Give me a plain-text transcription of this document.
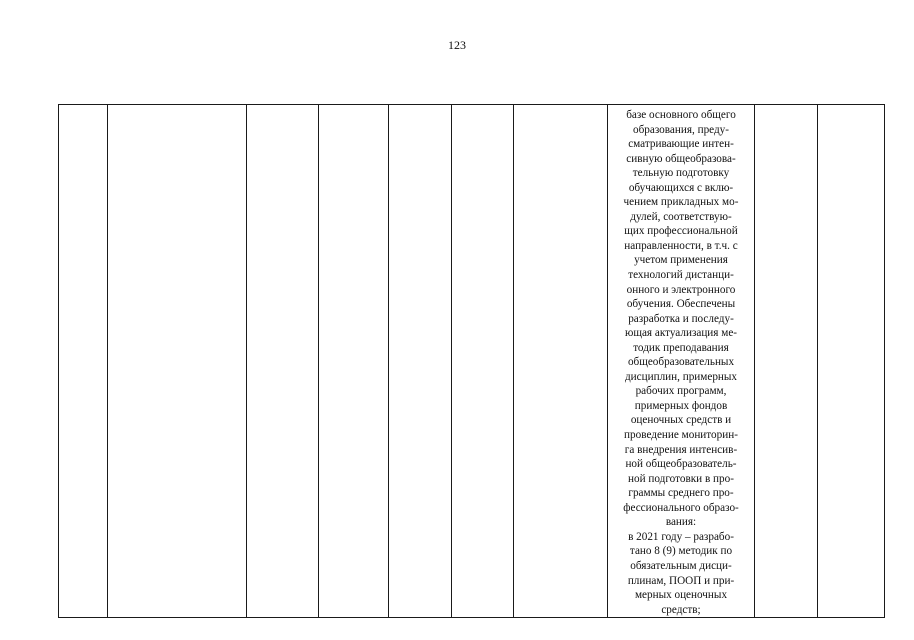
123

базе основного общего
образования, преду-
сматривающие интен-
сивную общеобразова-
тельную подготовку
обучающихся с вклю-
чением прикладных мо-
дулей, соответствую-
щих профессиональной
направленности, в т.ч. с
учетом применения
технологий дистанци-
онного и электронного
обучения. Обеспечены
разработка и последу-
ющая актуализация ме-
тодик преподавания
общеобразовательных
дисциплин, примерных
рабочих программ,
примерных фондов
оценочных средств и
проведение мониторин-
га внедрения интенсив-
ной общеобразователь-
ной подготовки в про-
граммы среднего про-
фессионального образо-
вания:
в 2021 году – разрабо-
тано 8 (9) методик по
обязательным дисци-
плинам, ПООП и при-
мерных оценочных
средств;
